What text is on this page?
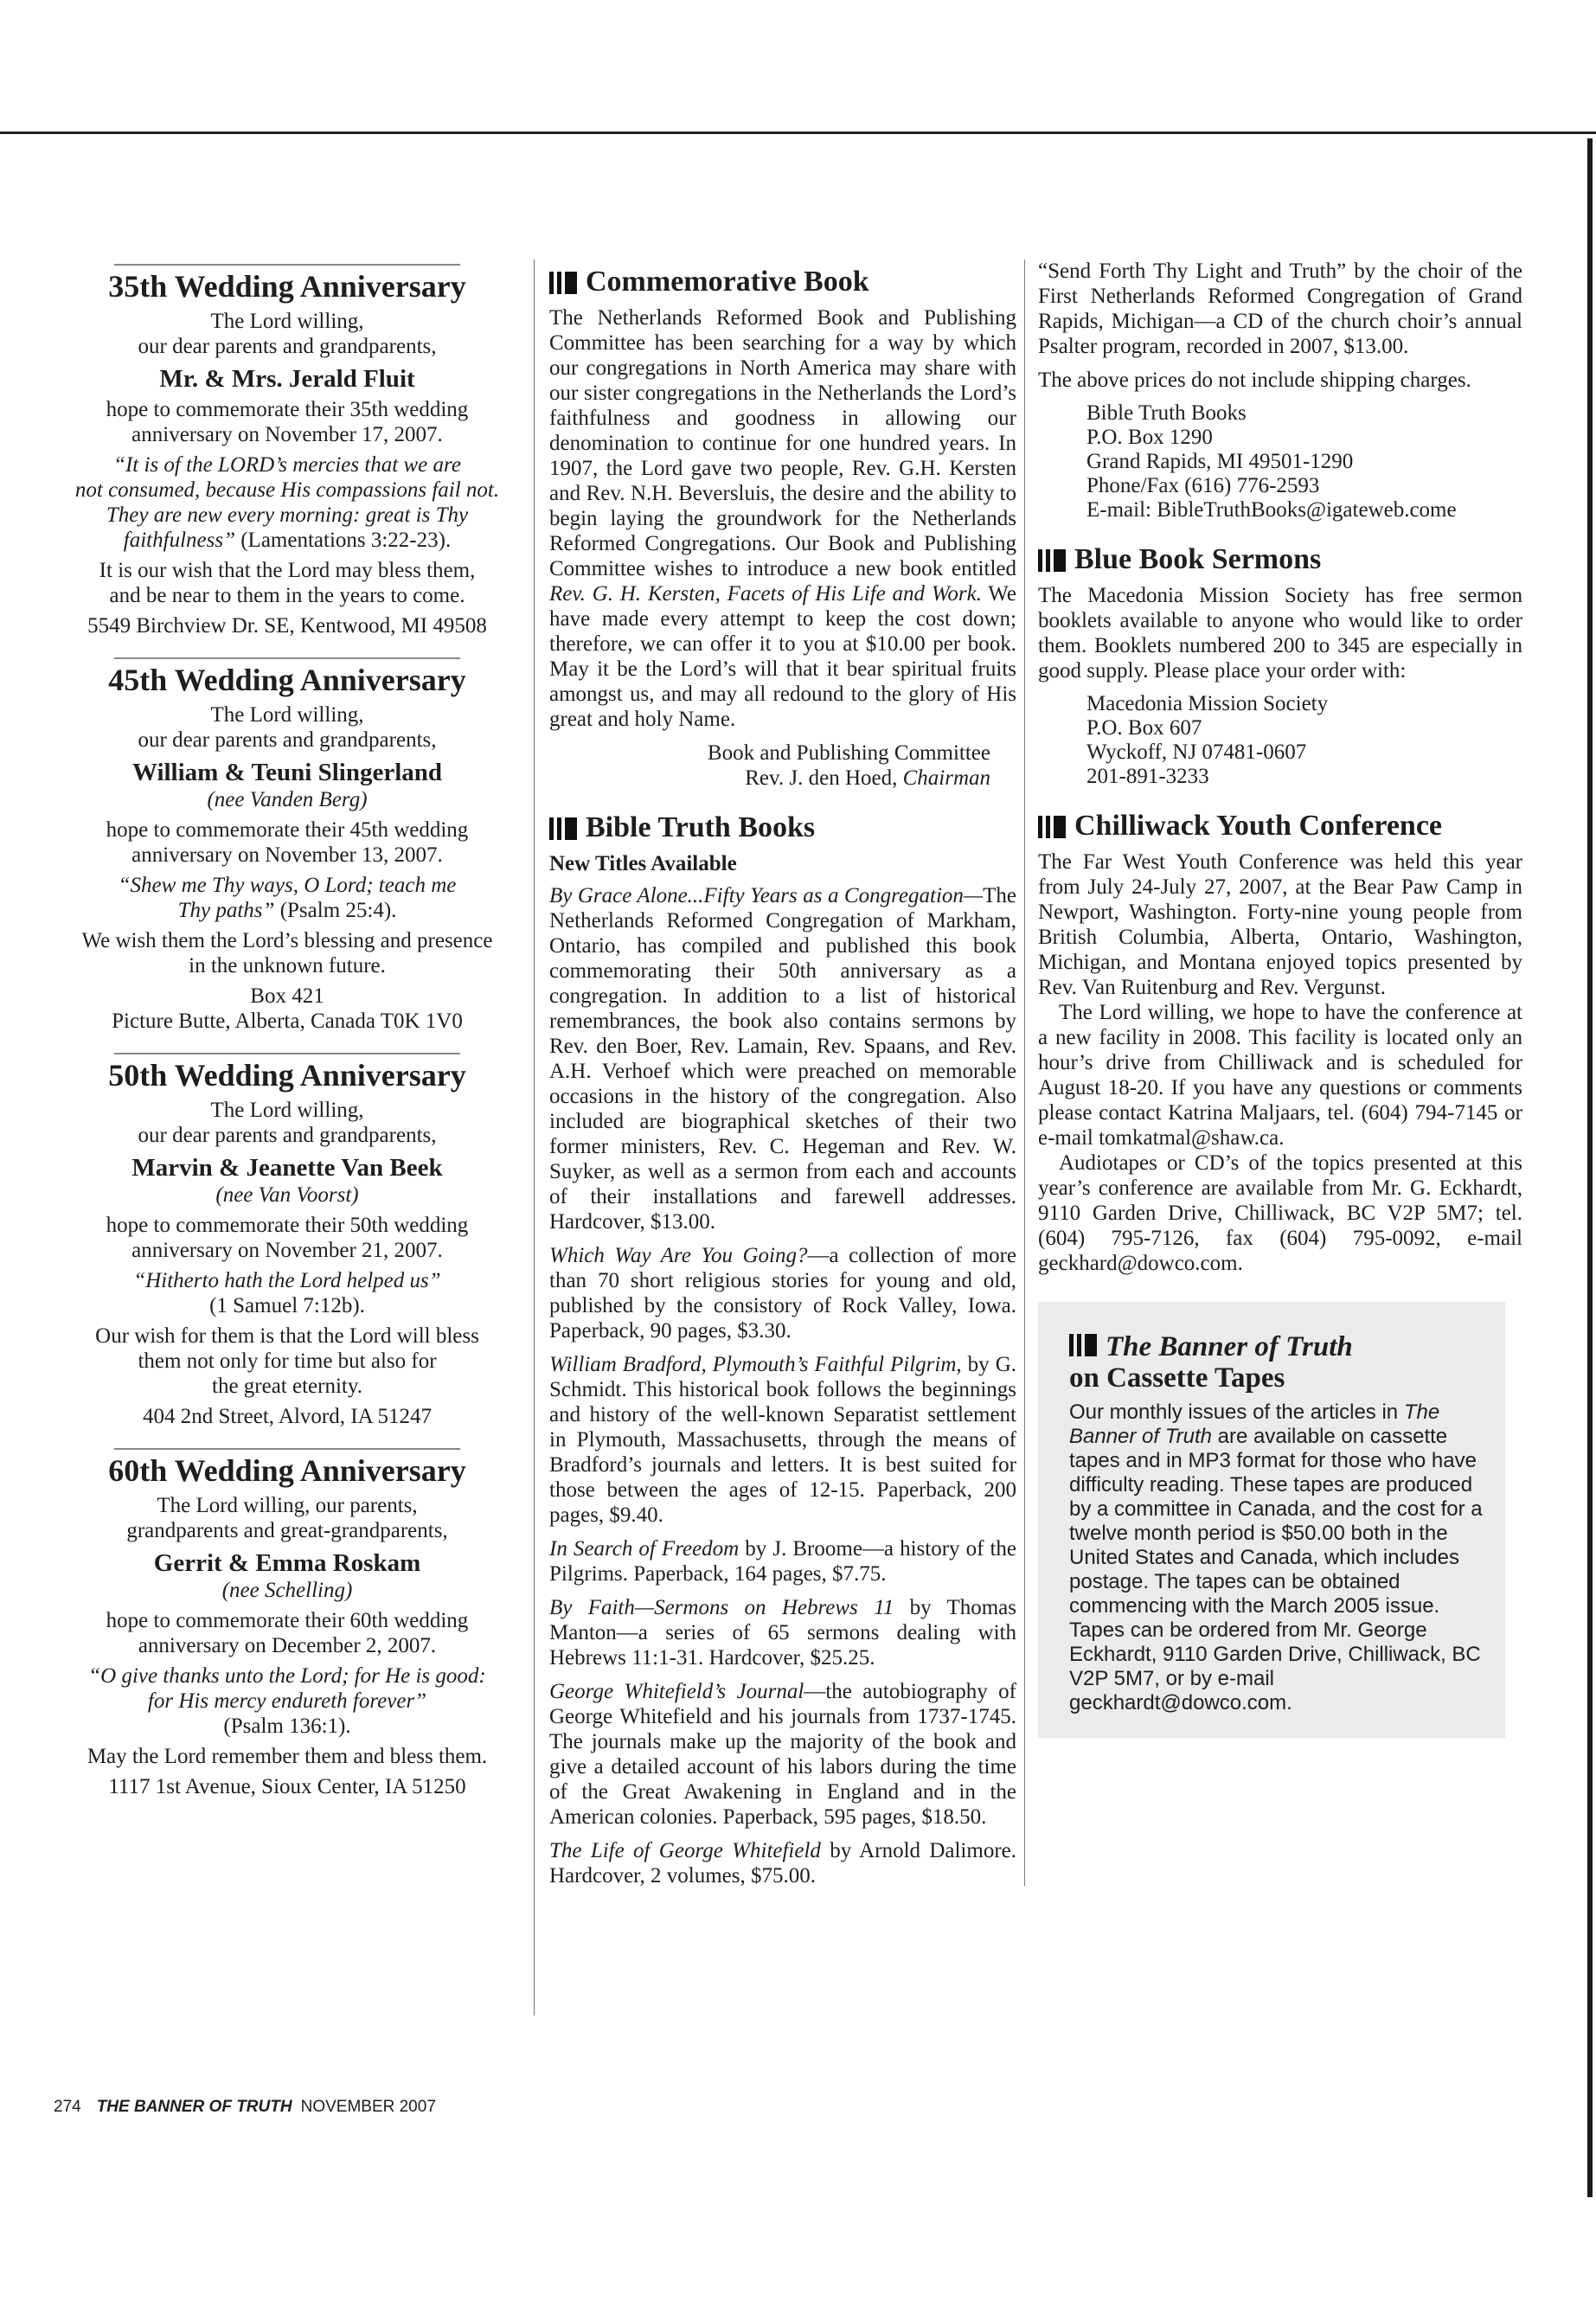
35th Wedding Anniversary

The Lord willing,
our dear parents and grandparents,

Mr. & Mrs. Jerald Fluit

hope to commemorate their 35th wedding
anniversary on November 17, 2007.

“It is of the LORD’s mercies that we are
not consumed, because His compassions fail not.
They are new every morning: great is Thy
faithfulness” (Lamentations 3:22-23).

It is our wish that the Lord may bless them,
and be near to them in the years to come.

5549 Birchview Dr. SE, Kentwood, MI 49508

45th Wedding Anniversary

The Lord willing,
our dear parents and grandparents,

William & Teuni Slingerland

(nee Vanden Berg)

hope to commemorate their 45th wedding
anniversary on November 13, 2007.

“Shew me Thy ways, O Lord; teach me
Thy paths” (Psalm 25:4).

We wish them the Lord’s blessing and presence
in the unknown future.

Box 421
Picture Butte, Alberta, Canada T0K 1V0

50th Wedding Anniversary

The Lord willing,
our dear parents and grandparents,

Marvin & Jeanette Van Beek

(nee Van Voorst)

hope to commemorate their 50th wedding
anniversary on November 21, 2007.

“Hitherto hath the Lord helped us”
(1 Samuel 7:12b).

Our wish for them is that the Lord will bless
them not only for time but also for
the great eternity.

404 2nd Street, Alvord, IA 51247

60th Wedding Anniversary

The Lord willing, our parents,
grandparents and great-grandparents,

Gerrit & Emma Roskam

(nee Schelling)

hope to commemorate their 60th wedding
anniversary on December 2, 2007.

“O give thanks unto the Lord; for He is good:
for His mercy endureth forever”
(Psalm 136:1).

May the Lord remember them and bless them.

1117 1st Avenue, Sioux Center, IA 51250

Commemorative Book

The Netherlands Reformed Book and Publishing Committee has been searching for a way by which our congregations in North America may share with our sister congregations in the Netherlands the Lord’s faithfulness and goodness in allowing our denomination to continue for one hundred years. In 1907, the Lord gave two people, Rev. G.H. Kersten and Rev. N.H. Beversluis, the desire and the ability to begin laying the groundwork for the Netherlands Reformed Congregations. Our Book and Publishing Committee wishes to introduce a new book entitled Rev. G. H. Kersten, Facets of His Life and Work. We have made every attempt to keep the cost down; therefore, we can offer it to you at $10.00 per book. May it be the Lord’s will that it bear spiritual fruits amongst us, and may all redound to the glory of His great and holy Name.

Book and Publishing Committee

Rev. J. den Hoed, Chairman

Bible Truth Books

New Titles Available

By Grace Alone...Fifty Years as a Congregation—The Netherlands Reformed Congregation of Markham, Ontario, has compiled and published this book commemorating their 50th anniversary as a congregation. In addition to a list of historical remembrances, the book also contains sermons by Rev. den Boer, Rev. Lamain, Rev. Spaans, and Rev. A.H. Verhoef which were preached on memorable occasions in the history of the congregation. Also included are biographical sketches of their two former ministers, Rev. C. Hegeman and Rev. W. Suyker, as well as a sermon from each and accounts of their installations and farewell addresses. Hardcover, $13.00.

Which Way Are You Going?—a collection of more than 70 short religious stories for young and old, published by the consistory of Rock Valley, Iowa. Paperback, 90 pages, $3.30.

William Bradford, Plymouth’s Faithful Pilgrim, by G. Schmidt. This historical book follows the beginnings and history of the well-known Separatist settlement in Plymouth, Massachusetts, through the means of Bradford’s journals and letters. It is best suited for those between the ages of 12-15. Paperback, 200 pages, $9.40.

In Search of Freedom by J. Broome—a history of the Pilgrims. Paperback, 164 pages, $7.75.

By Faith—Sermons on Hebrews 11 by Thomas Manton—a series of 65 sermons dealing with Hebrews 11:1-31. Hardcover, $25.25.

George Whitefield’s Journal—the autobiography of George Whitefield and his journals from 1737-1745. The journals make up the majority of the book and give a detailed account of his labors during the time of the Great Awakening in England and in the American colonies. Paperback, 595 pages, $18.50.

The Life of George Whitefield by Arnold Dalimore. Hardcover, 2 volumes, $75.00.

“Send Forth Thy Light and Truth” by the choir of the First Netherlands Reformed Congregation of Grand Rapids, Michigan—a CD of the church choir’s annual Psalter program, recorded in 2007, $13.00.

The above prices do not include shipping charges.

Bible Truth Books
P.O. Box 1290
Grand Rapids, MI 49501-1290
Phone/Fax (616) 776-2593
E-mail: BibleTruthBooks@igateweb.come
Blue Book Sermons

The Macedonia Mission Society has free sermon booklets available to anyone who would like to order them. Booklets numbered 200 to 345 are especially in good supply. Please place your order with:

Macedonia Mission Society
P.O. Box 607
Wyckoff, NJ 07481-0607
201-891-3233
Chilliwack Youth Conference

The Far West Youth Conference was held this year from July 24-July 27, 2007, at the Bear Paw Camp in Newport, Washington. Forty-nine young people from British Columbia, Alberta, Ontario, Washington, Michigan, and Montana enjoyed topics presented by Rev. Van Ruitenburg and Rev. Vergunst.

The Lord willing, we hope to have the conference at a new facility in 2008. This facility is located only an hour’s drive from Chilliwack and is scheduled for August 18-20. If you have any questions or comments please contact Katrina Maljaars, tel. (604) 794-7145 or e-mail tomkatmal@shaw.ca.

Audiotapes or CD’s of the topics presented at this year’s conference are available from Mr. G. Eckhardt, 9110 Garden Drive, Chilliwack, BC V2P 5M7; tel. (604) 795-7126, fax (604) 795-0092, e-mail geckhard@dowco.com.

The Banner of Truth
on Cassette Tapes

Our monthly issues of the articles in The Banner of Truth are available on cassette tapes and in MP3 format for those who have difficulty reading. These tapes are produced by a committee in Canada, and the cost for a twelve month period is $50.00 both in the United States and Canada, which includes postage. The tapes can be obtained commencing with the March 2005 issue. Tapes can be ordered from Mr. George Eckhardt, 9110 Garden Drive, Chilliwack, BC V2P 5M7, or by e-mail geckhardt@dowco.com.

274 THE BANNER OF TRUTH NOVEMBER 2007
